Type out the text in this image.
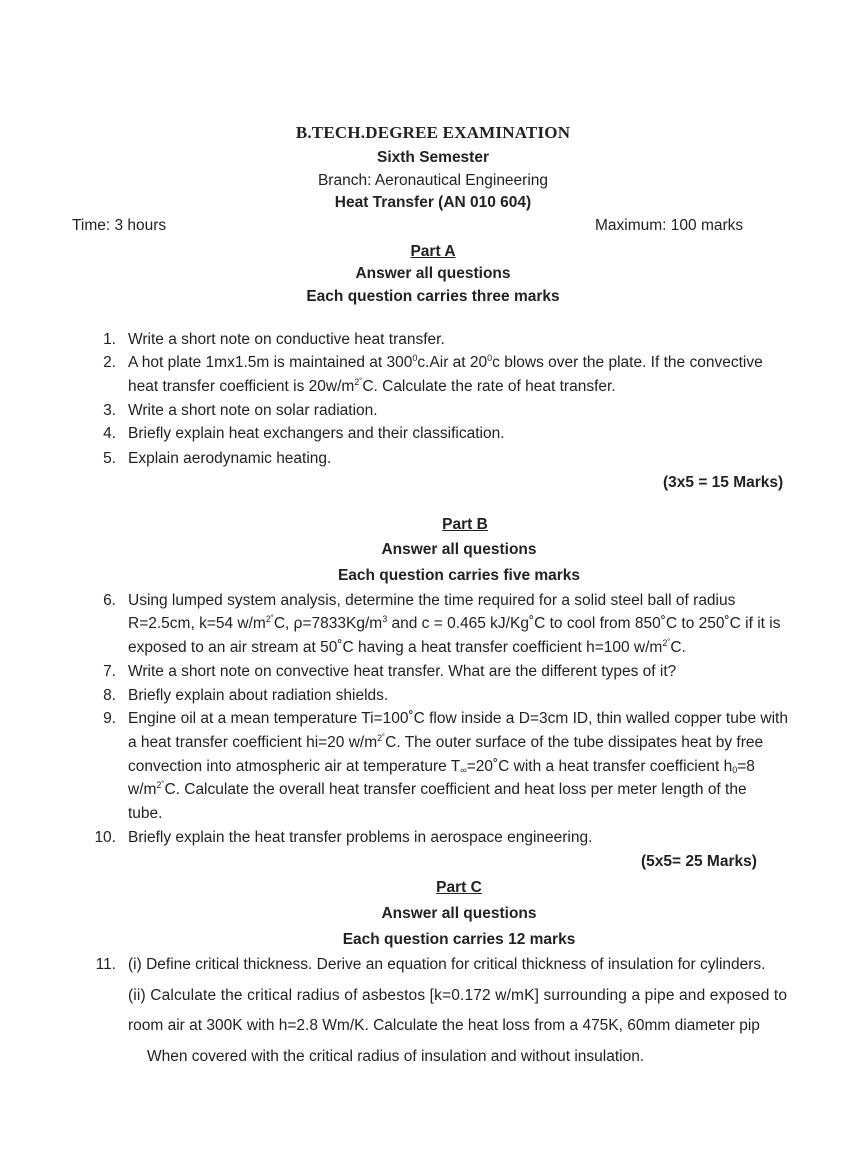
B.TECH.DEGREE EXAMINATION
Sixth Semester
Branch: Aeronautical Engineering
Heat Transfer (AN 010 604)
Time: 3 hours	Maximum: 100 marks
Part A
Answer all questions
Each question carries three marks
1. Write a short note on conductive heat transfer.
2. A hot plate 1mx1.5m is maintained at $300^0c.Air$ at $20^0c$ blows over the plate. If the convective
heat transfer coefficient is $20w/m^{2˚}C$. Calculate the rate of heat transfer.
3. Write a short note on solar radiation.
4. Briefly explain heat exchangers and their classification.
5. Explain aerodynamic heating.
(3x5 = 15 Marks)
Part B
Answer all questions
Each question carries five marks
6. Using lumped system analysis, determine the time required for a solid steel ball of radius
R=2.5cm, k=54 $w/m^{2˚}C$, $\rho=7833Kg/m^3$ and c = 0.465 kJ/Kg˚C to cool from 850˚C to 250˚C if it is
exposed to an air stream at 50˚C having a heat transfer coefficient h=100 $w/m^{2˚}C$.
7. Write a short note on convective heat transfer. What are the different types of it?
8. Briefly explain about radiation shields.
9. Engine oil at a mean temperature Ti=100˚C flow inside a D=3cm ID, thin walled copper tube with
a heat transfer coefficient hi=20 $w/m^{2˚}C$. The outer surface of the tube dissipates heat by free
convection into atmospheric air at temperature $T_\infty=20˚C$ with a heat transfer coefficient $h_0=8$
$w/m^{2˚}C$. Calculate the overall heat transfer coefficient and heat loss per meter length of the
tube.
10. Briefly explain the heat transfer problems in aerospace engineering.
(5x5= 25 Marks)
Part C
Answer all questions
Each question carries 12 marks
11. (i) Define critical thickness. Derive an equation for critical thickness of insulation for cylinders.
(ii) Calculate the critical radius of asbestos [k=0.172 w/mK] surrounding a pipe and exposed to
room air at 300K with h=2.8 Wm/K. Calculate the heat loss from a 475K, 60mm diameter pip
When covered with the critical radius of insulation and without insulation.
